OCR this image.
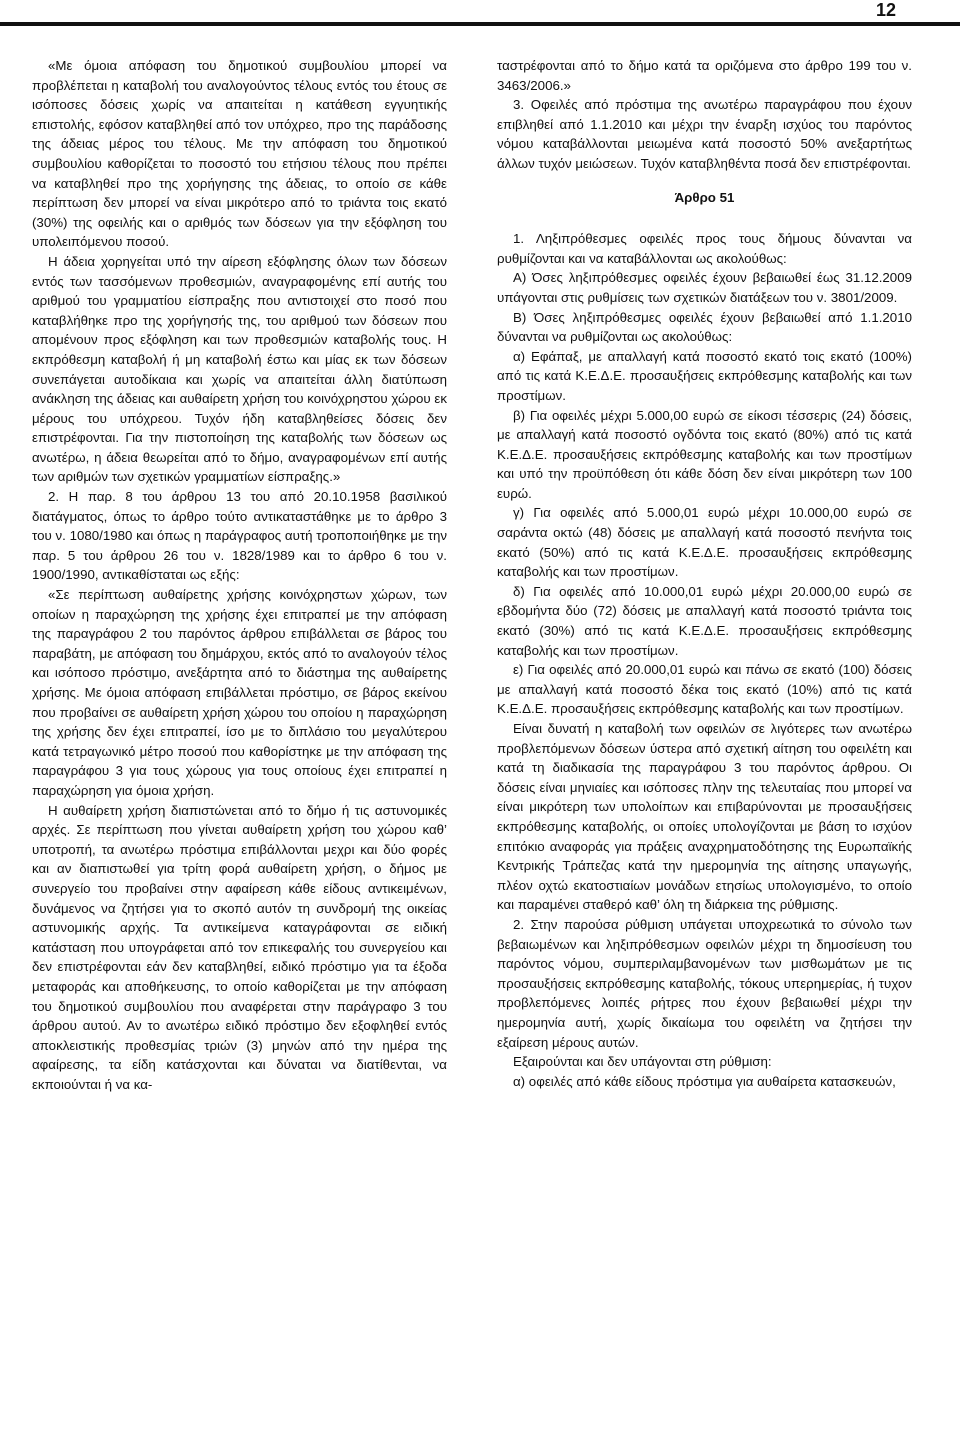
12

«Με όμοια απόφαση του δημοτικού συμβουλίου μπορεί να προβλέπεται η καταβολή του αναλογούντος τέλους εντός του έτους σε ισόποσες δόσεις χωρίς να απαιτείται η κατάθεση εγγυητικής επιστολής, εφόσον καταβληθεί από τον υπόχρεο, προ της παράδοσης της άδειας μέρος του τέλους. Με την απόφαση του δημοτικού συμβουλίου καθορίζεται το ποσοστό του ετήσιου τέλους που πρέπει να καταβληθεί προ της χορήγησης της άδειας, το οποίο σε κάθε περίπτωση δεν μπορεί να είναι μικρότερο από το τριάντα τοις εκατό (30%) της οφειλής και ο αριθμός των δόσεων για την εξόφληση του υπολειπόμενου ποσού.

Η άδεια χορηγείται υπό την αίρεση εξόφλησης όλων των δόσεων εντός των τασσόμενων προθεσμιών, αναγραφομένης επί αυτής του αριθμού του γραμματίου είσπραξης που αντιστοιχεί στο ποσό που καταβλήθηκε προ της χορήγησής της, του αριθμού των δόσεων που απομένουν προς εξόφληση και των προθεσμιών καταβολής τους. Η εκπρόθεσμη καταβολή ή μη καταβολή έστω και μίας εκ των δόσεων συνεπάγεται αυτοδίκαια και χωρίς να απαιτείται άλλη διατύπωση ανάκληση της άδειας και αυθαίρετη χρήση του κοινόχρηστου χώρου εκ μέρους του υπόχρεου. Τυχόν ήδη καταβληθείσες δόσεις δεν επιστρέφονται. Για την πιστοποίηση της καταβολής των δόσεων ως ανωτέρω, η άδεια θεωρείται από το δήμο, αναγραφομένων επί αυτής των αριθμών των σχετικών γραμματίων είσπραξης.»

2. Η παρ. 8 του άρθρου 13 του από 20.10.1958 βασιλικού διατάγματος, όπως το άρθρο τούτο αντικαταστάθηκε με το άρθρο 3 του ν. 1080/1980 και όπως η παράγραφος αυτή τροποποιήθηκε με την παρ. 5 του άρθρου 26 του ν. 1828/1989 και το άρθρο 6 του ν. 1900/1990, αντικαθίσταται ως εξής:

«Σε περίπτωση αυθαίρετης χρήσης κοινόχρηστων χώρων, των οποίων η παραχώρηση της χρήσης έχει επιτραπεί με την απόφαση της παραγράφου 2 του παρόντος άρθρου επιβάλλεται σε βάρος του παραβάτη, με απόφαση του δημάρχου, εκτός από το αναλογούν τέλος και ισόποσο πρόστιμο, ανεξάρτητα από το διάστημα της αυθαίρετης χρήσης. Με όμοια απόφαση επιβάλλεται πρόστιμο, σε βάρος εκείνου που προβαίνει σε αυθαίρετη χρήση χώρου του οποίου η παραχώρηση της χρήσης δεν έχει επιτραπεί, ίσο με το διπλάσιο του μεγαλύτερου κατά τετραγωνικό μέτρο ποσού που καθορίστηκε με την απόφαση της παραγράφου 3 για τους χώρους για τους οποίους έχει επιτραπεί η παραχώρηση για όμοια χρήση.

Η αυθαίρετη χρήση διαπιστώνεται από το δήμο ή τις αστυνομικές αρχές. Σε περίπτωση που γίνεται αυθαίρετη χρήση του χώρου καθ’ υποτροπή, τα ανωτέρω πρόστιμα επιβάλλονται μεχρι και δύο φορές και αν διαπιστωθεί για τρίτη φορά αυθαίρετη χρήση, ο δήμος με συνεργείο του προβαίνει στην αφαίρεση κάθε είδους αντικειμένων, δυνάμενος να ζητήσει για το σκοπό αυτόν τη συνδρομή της οικείας αστυνομικής αρχής. Τα αντικείμενα καταγράφονται σε ειδική κατάσταση που υπογράφεται από τον επικεφαλής του συνεργείου και δεν επιστρέφονται εάν δεν καταβληθεί, ειδικό πρόστιμο για τα έξοδα μεταφοράς και αποθήκευσης, το οποίο καθορίζεται με την απόφαση του δημοτικού συμβουλίου που αναφέρεται στην παράγραφο 3 του άρθρου αυτού. Αν το ανωτέρω ειδικό πρόστιμο δεν εξοφληθεί εντός αποκλειστικής προθεσμίας τριών (3) μηνών από την ημέρα της αφαίρεσης, τα είδη κατάσχονται και δύναται να διατίθενται, να εκποιούνται ή να κα-

ταστρέφονται από το δήμο κατά τα οριζόμενα στο άρθρο 199 του ν. 3463/2006.»

3. Οφειλές από πρόστιμα της ανωτέρω παραγράφου που έχουν επιβληθεί από 1.1.2010 και μέχρι την έναρξη ισχύος του παρόντος νόμου καταβάλλονται μειωμένα κατά ποσοστό 50% ανεξαρτήτως άλλων τυχόν μειώσεων. Τυχόν καταβληθέντα ποσά δεν επιστρέφονται.

Άρθρο 51

1. Ληξιπρόθεσμες οφειλές προς τους δήμους δύνανται να ρυθμίζονται και να καταβάλλονται ως ακολούθως:

Α) Όσες ληξιπρόθεσμες οφειλές έχουν βεβαιωθεί έως 31.12.2009 υπάγονται στις ρυθμίσεις των σχετικών διατάξεων του ν. 3801/2009.

Β) Όσες ληξιπρόθεσμες οφειλές έχουν βεβαιωθεί από 1.1.2010 δύνανται να ρυθμίζονται ως ακολούθως:

α) Εφάπαξ, με απαλλαγή κατά ποσοστό εκατό τοις εκατό (100%) από τις κατά Κ.Ε.Δ.Ε. προσαυξήσεις εκπρόθεσμης καταβολής και των προστίμων.

β) Για οφειλές μέχρι 5.000,00 ευρώ σε είκοσι τέσσερις (24) δόσεις, με απαλλαγή κατά ποσοστό ογδόντα τοις εκατό (80%) από τις κατά Κ.Ε.Δ.Ε. προσαυξήσεις εκπρόθεσμης καταβολής και των προστίμων και υπό την προϋπόθεση ότι κάθε δόση δεν είναι μικρότερη των 100 ευρώ.

γ) Για οφειλές από 5.000,01 ευρώ μέχρι 10.000,00 ευρώ σε σαράντα οκτώ (48) δόσεις με απαλλαγή κατά ποσοστό πενήντα τοις εκατό (50%) από τις κατά Κ.Ε.Δ.Ε. προσαυξήσεις εκπρόθεσμης καταβολής και των προστίμων.

δ) Για οφειλές από 10.000,01 ευρώ μέχρι 20.000,00 ευρώ σε εβδομήντα δύο (72) δόσεις με απαλλαγή κατά ποσοστό τριάντα τοις εκατό (30%) από τις κατά Κ.Ε.Δ.Ε. προσαυξήσεις εκπρόθεσμης καταβολής και των προστίμων.

ε) Για οφειλές από 20.000,01 ευρώ και πάνω σε εκατό (100) δόσεις με απαλλαγή κατά ποσοστό δέκα τοις εκατό (10%) από τις κατά Κ.Ε.Δ.Ε. προσαυξήσεις εκπρόθεσμης καταβολής και των προστίμων.

Είναι δυνατή η καταβολή των οφειλών σε λιγότερες των ανωτέρω προβλεπόμενων δόσεων ύστερα από σχετική αίτηση του οφειλέτη και κατά τη διαδικασία της παραγράφου 3 του παρόντος άρθρου. Οι δόσεις είναι μηνιαίες και ισόποσες πλην της τελευταίας που μπορεί να είναι μικρότερη των υπολοίπων και επιβαρύνονται με προσαυξήσεις εκπρόθεσμης καταβολής, οι οποίες υπολογίζονται με βάση το ισχύον επιτόκιο αναφοράς για πράξεις αναχρηματοδότησης της Ευρωπαϊκής Κεντρικής Τράπεζας κατά την ημερομηνία της αίτησης υπαγωγής, πλέον οχτώ εκατοστιαίων μονάδων ετησίως υπολογισμένο, το οποίο και παραμένει σταθερό καθ’ όλη τη διάρκεια της ρύθμισης.

2. Στην παρούσα ρύθμιση υπάγεται υποχρεωτικά το σύνολο των βεβαιωμένων και ληξιπρόθεσμων οφειλών μέχρι τη δημοσίευση του παρόντος νόμου, συμπεριλαμβανομένων των μισθωμάτων με τις προσαυξήσεις εκπρόθεσμης καταβολής, τόκους υπερημερίας, ή τυχον προβλεπόμενες λοιπές ρήτρες που έχουν βεβαιωθεί μέχρι την ημερομηνία αυτή, χωρίς δικαίωμα του οφειλέτη να ζητήσει την εξαίρεση μέρους αυτών.

Εξαιρούνται και δεν υπάγονται στη ρύθμιση:

α) οφειλές από κάθε είδους πρόστιμα για αυθαίρετα κατασκευών,
